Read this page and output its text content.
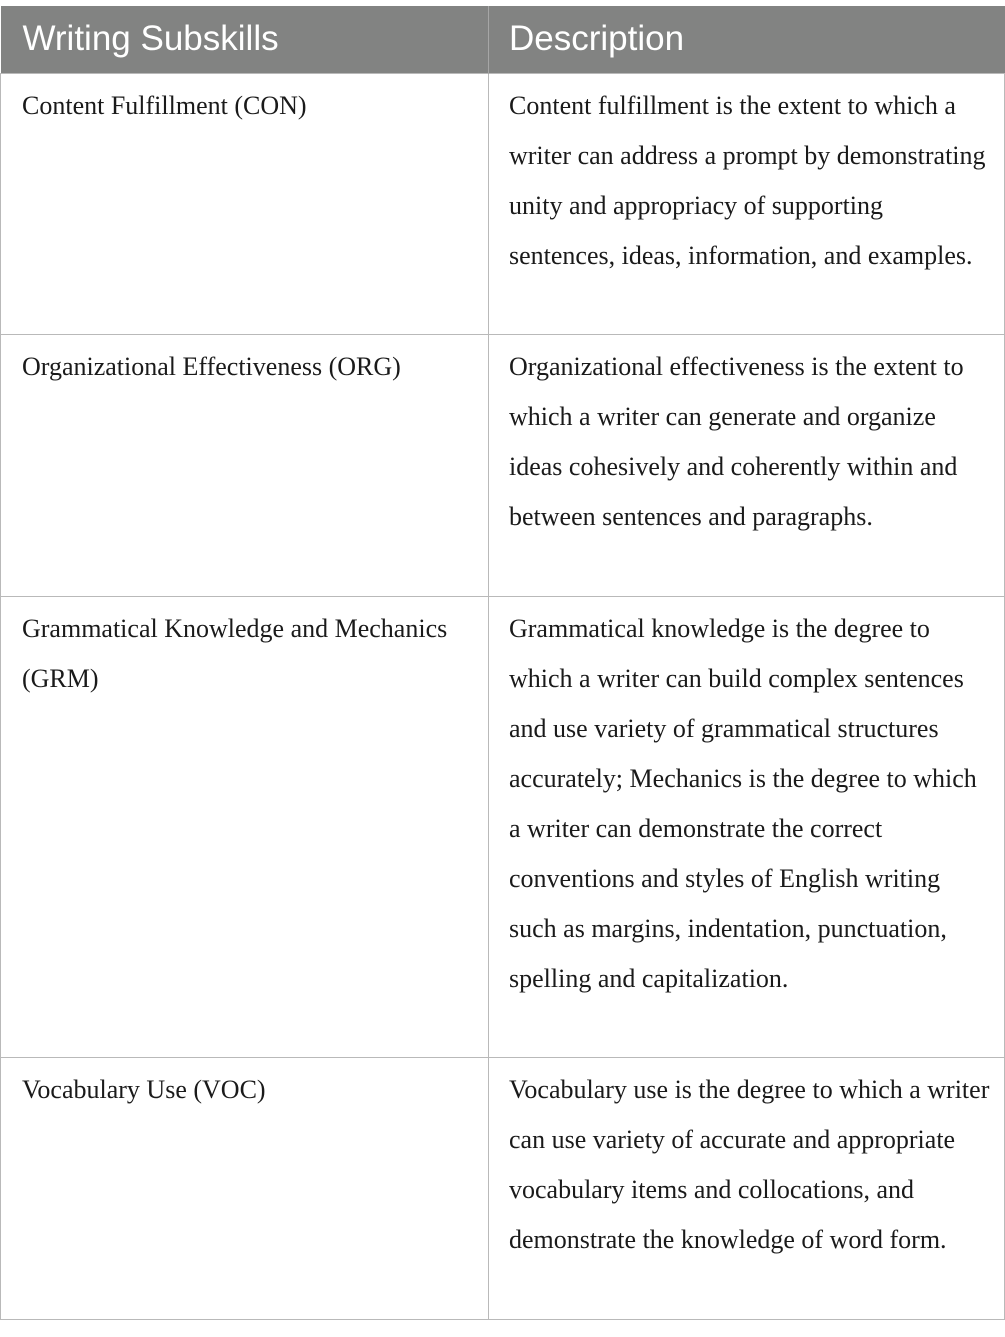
Writing Subskills	Description
Content Fulfillment (CON)	Content fulfillment is the extent to which a writer can address a prompt by demonstrating unity and appropriacy of supporting sentences, ideas, information, and examples.
Organizational Effectiveness (ORG)	Organizational effectiveness is the extent to which a writer can generate and organize ideas cohesively and coherently within and between sentences and paragraphs.
Grammatical Knowledge and Mechanics (GRM)	Grammatical knowledge is the degree to which a writer can build complex sentences and use variety of grammatical structures accurately; Mechanics is the degree to which a writer can demonstrate the correct conventions and styles of English writing such as margins, indentation, punctuation, spelling and capitalization.
Vocabulary Use (VOC)	Vocabulary use is the degree to which a writer can use variety of accurate and appropriate vocabulary items and collocations, and demonstrate the knowledge of word form.
